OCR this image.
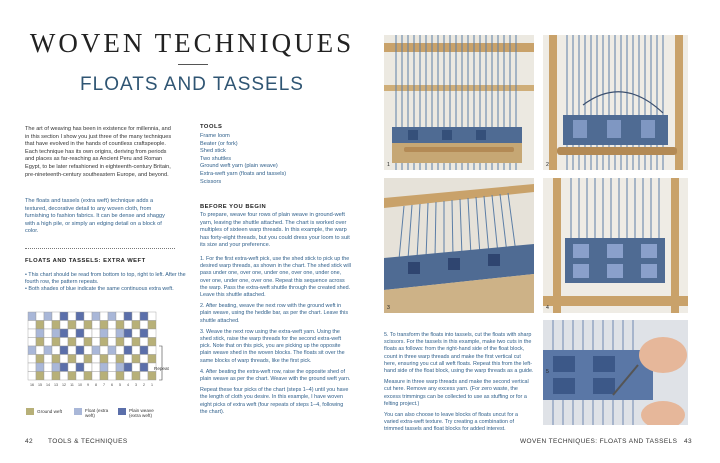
WOVEN TECHNIQUES
FLOATS AND TASSELS
The art of weaving has been in existence for millennia, and in this section I show you just three of the many techniques that have evolved in the hands of countless craftspeople. Each technique has its own origins, deriving from periods and places as far-reaching as Ancient Peru and Roman Egypt, to be later refashioned in eighteenth-century Britain, pre-nineteenth-century southeastern Europe, and beyond.
The floats and tassels (extra weft) technique adds a textured, decorative detail to any woven cloth, from furnishing to fashion fabrics. It can be dense and shaggy with a high pile, or simply an edging detail on a block of color.
FLOATS AND TASSELS: EXTRA WEFT
• This chart should be read from bottom to top, right to left. After the fourth row, the pattern repeats.
• Both shades of blue indicate the same continuous extra weft.
16 15 14 13 12 11 10 9 8 7 6 5 4 3 2 1
Repeat
Ground weft	Float (extra weft)
Plain weave (extra weft)
TOOLS
Frame loom
Beater (or fork)
Shed stick
Two shuttles
Ground weft yarn (plain weave)
Extra-weft yarn (floats and tassels)
Scissors
BEFORE YOU BEGIN
To prepare, weave four rows of plain weave in ground-weft yarn, leaving the shuttle attached. The chart is worked over multiples of sixteen warp threads. In this example, the warp has forty-eight threads, but you could dress your loom to suit its size and your preference.

1. For the first extra-weft pick, use the shed stick to pick up the desired warp threads, as shown in the chart. The shed stick will pass under one, over one, under one, over one, under one, over one, under one, over one. Repeat this sequence across the warp. Pass the extra-weft shuttle through the created shed. Leave this shuttle attached.

2. After beating, weave the next row with the ground weft in plain weave, using the heddle bar, as per the chart. Leave this shuttle attached.

3. Weave the next row using the extra-weft yarn. Using the shed stick, raise the warp threads for the second extra-weft pick. Note that on this pick, you are picking up the opposite plain weave shed in the woven blocks. The floats sit over the same blocks of warp threads, like the first pick.

4. After beating the extra-weft row, raise the opposite shed of plain weave as per the chart. Weave with the ground weft yarn.

Repeat these four picks of the chart (steps 1–4) until you have the length of cloth you desire. In this example, I have woven eight picks of extra weft (four repeats of steps 1–4, following the chart).

42 TOOLS & TECHNIQUES
1	2
3	4
5

5. To transform the floats into tassels, cut the floats with sharp scissors. For the tassels in this example, make two cuts in the floats as follows: from the right-hand side of the float block, count in three warp threads and make the first vertical cut here, ensuring you cut all weft floats. Repeat this from the left-hand side of the float block, using the warp threads as a guide.

Measure in three warp threads and make the second vertical cut here. Remove any excess yarn. (For zero waste, the excess trimmings can be collected to use as stuffing or for a felting project.)

You can also choose to leave blocks of floats uncut for a varied extra-weft texture. Try creating a combination of trimmed tassels and float blocks for added interest.

WOVEN TECHNIQUES: FLOATS AND TASSELS 43
